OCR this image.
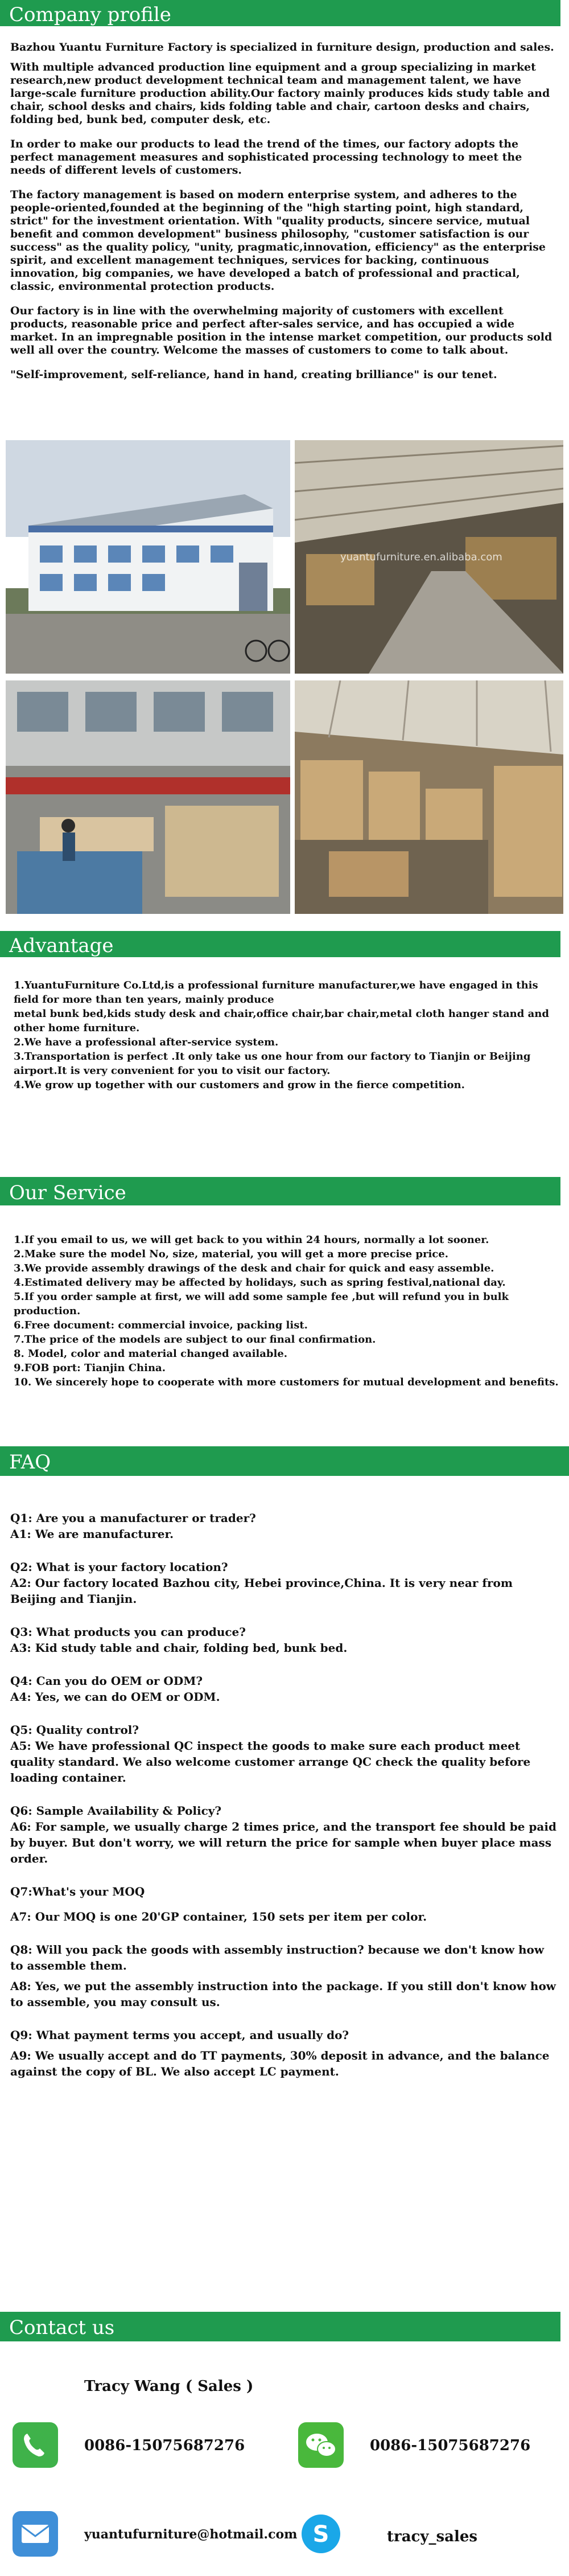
Company profile

Bazhou Yuantu Furniture Factory is specialized in furniture design, production and sales.

With multiple advanced production line equipment and a group specializing in market research,new product development technical team and management talent, we have large-scale furniture production ability.Our factory mainly produces kids study table and chair, school desks and chairs, kids folding table and chair, cartoon desks and chairs, folding bed, bunk bed, computer desk, etc.

In order to make our products to lead the trend of the times, our factory adopts the perfect management measures and sophisticated processing technology to meet the needs of different levels of customers.

The factory management is based on modern enterprise system, and adheres to the people-oriented,founded at the beginning of the "high starting point, high standard, strict" for the investment orientation. With "quality products, sincere service, mutual benefit and common development" business philosophy, "customer satisfaction is our success" as the quality policy, "unity, pragmatic,innovation, efficiency" as the enterprise spirit, and excellent management techniques, services for backing, continuous innovation, big companies, we have developed a batch of professional and practical, classic, environmental protection products.

Our factory is in line with the overwhelming majority of customers with excellent products, reasonable price and perfect after-sales service, and has occupied a wide market. In an impregnable position in the intense market competition, our products sold well all over the country. Welcome the masses of customers to come to talk about.

"Self-improvement, self-reliance, hand in hand, creating brilliance" is our tenet.

yuantufurniture.en.alibaba.com
Advantage
1.YuantuFurniture Co.Ltd,is a professional furniture manufacturer,we have engaged in this field for more than ten years, mainly produce
metal bunk bed,kids study desk and chair,office chair,bar chair,metal cloth hanger stand and other home furniture.
2.We have a professional after-service system.
3.Transportation is perfect .It only take us one hour from our factory to Tianjin or Beijing airport.It is very convenient for you to visit our factory.
4.We grow up together with our customers and grow in the fierce competition.
Our Service
1.If you email to us, we will get back to you within 24 hours, normally a lot sooner.
2.Make sure the model No, size, material, you will get a more precise price.
3.We provide assembly drawings of the desk and chair for quick and easy assemble.
4.Estimated delivery may be affected by holidays, such as spring festival,national day.
5.If you order sample at first, we will add some sample fee ,but will refund you in bulk production.
6.Free document: commercial invoice, packing list.
7.The price of the models are subject to our final confirmation.
8. Model, color and material changed available.
9.FOB port: Tianjin China.
10. We sincerely hope to cooperate with more customers for mutual development and benefits.
FAQ
Q1: Are you a manufacturer or trader?
A1: We are manufacturer.
Q2: What is your factory location?
A2: Our factory located Bazhou city, Hebei province,China. It is very near from Beijing and Tianjin.
Q3: What products you can produce?
A3: Kid study table and chair, folding bed, bunk bed.
Q4: Can you do OEM or ODM?
A4: Yes, we can do OEM or ODM.
Q5: Quality control?
A5: We have professional QC inspect the goods to make sure each product meet quality standard. We also welcome customer arrange QC check the quality before loading container.
Q6: Sample Availability & Policy?
A6: For sample, we usually charge 2 times price, and the transport fee should be paid by buyer. But don't worry, we will return the price for sample when buyer place mass order.
Q7:What's your MOQ
A7: Our MOQ is one 20'GP container, 150 sets per item per color.
Q8: Will you pack the goods with assembly instruction? because we don't know how to assemble them.
A8: Yes, we put the assembly instruction into the package. If you still don't know how to assemble, you may consult us.
Q9: What payment terms you accept, and usually do?
A9: We usually accept and do TT payments, 30% deposit in advance, and the balance against the copy of BL. We also accept LC payment.
Contact us
Tracy Wang ( Sales )
0086-15075687276	0086-15075687276
yuantufurniture@hotmail.com S	tracy_sales
